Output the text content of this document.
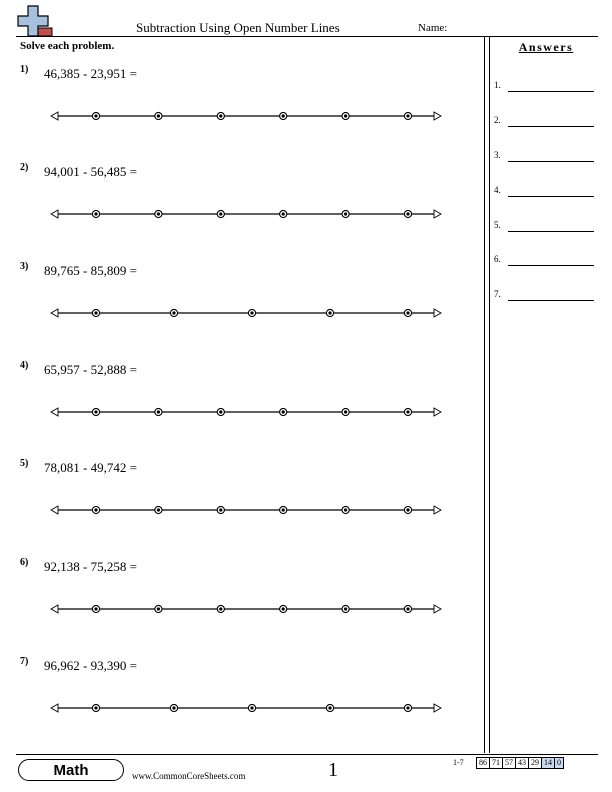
Subtraction Using Open Number Lines	Name:
Solve each problem.	Answers
1.
2.
3.
4.
5.
6.
7.
1) 46,385 - 23,951 =
2) 94,001 - 56,485 =
3) 89,765 - 85,809 =
4) 65,957 - 52,888 =
5) 78,081 - 49,742 =
6) 92,138 - 75,258 =
7) 96,962 - 93,390 =
Math	www.CommonCoreSheets.com	1	1-7 86	71	57	43	29	14	0
